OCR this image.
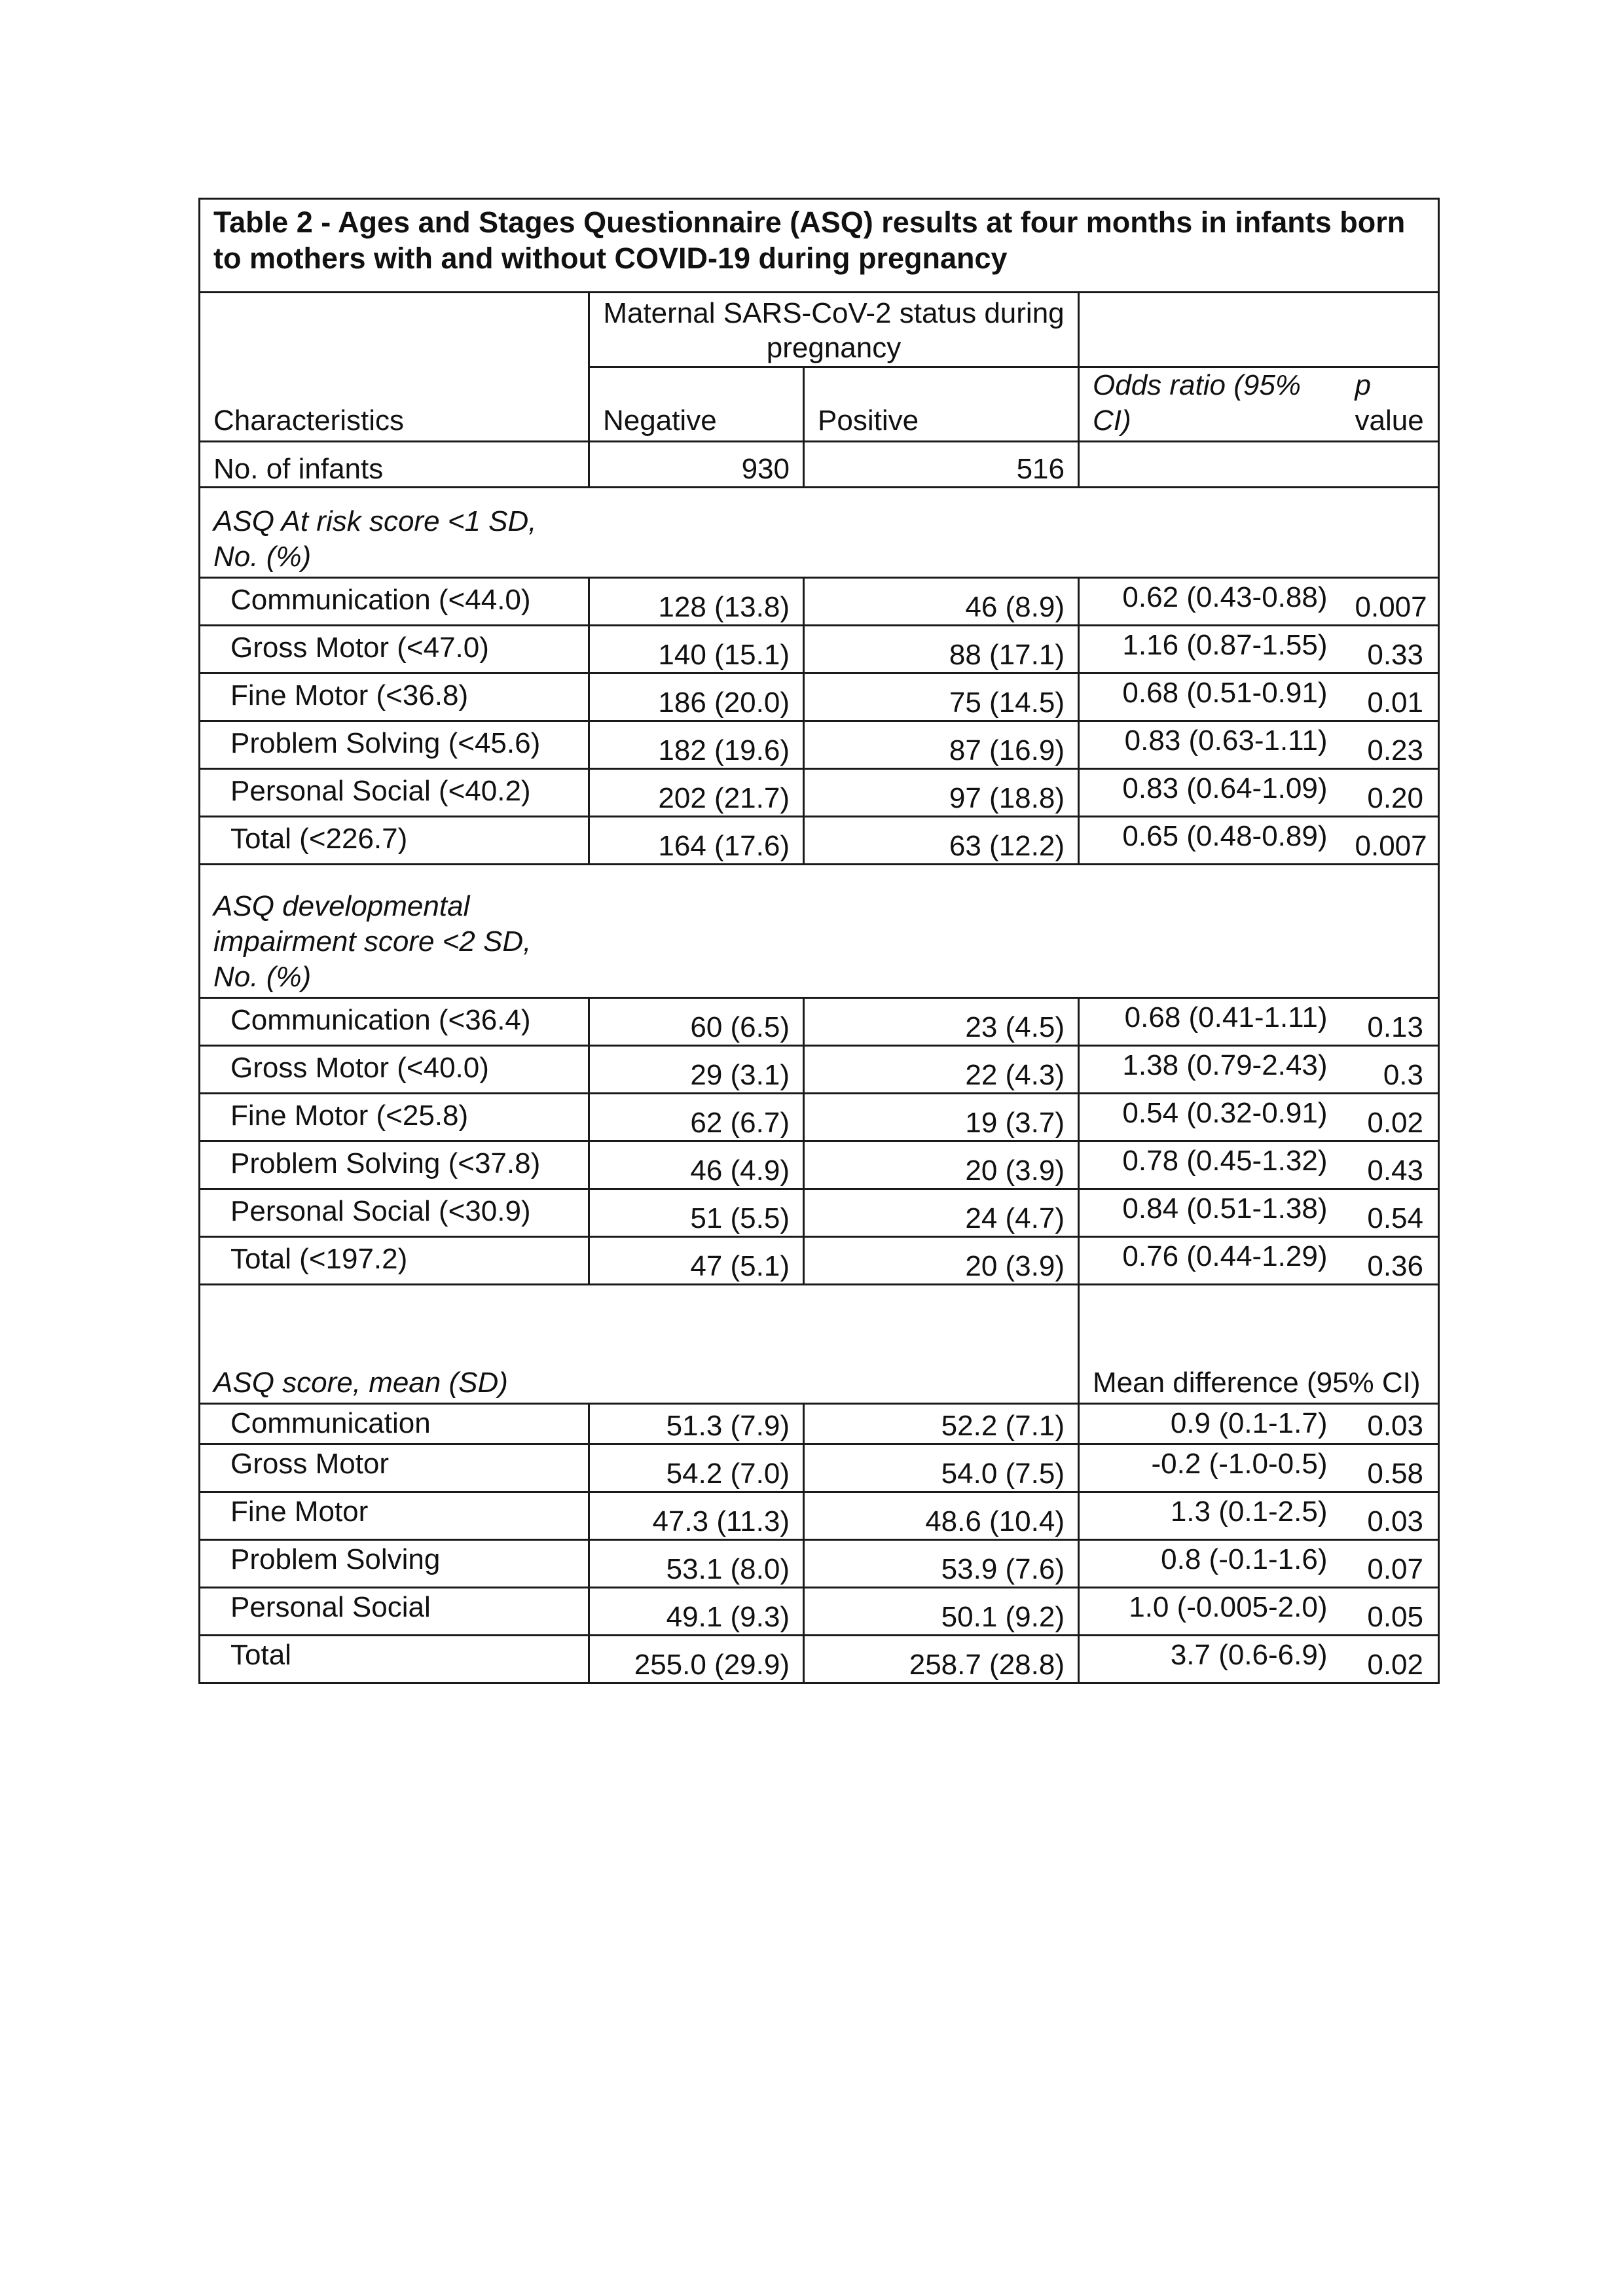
Table 2 - Ages and Stages Questionnaire (ASQ) results at four months in infants born to mothers with and without COVID-19 during pregnancy				
Characteristics	Maternal SARS-CoV-2 status during pregnancy			
	Negative	Positive	Odds ratio (95% CI)	p value
No. of infants	930	516		

ASQ At risk score <1 SD, No. (%)				

Communication (<44.0)	128 (13.8)	46 (8.9)	0.62 (0.43-0.88)	0.007
Gross Motor (<47.0)	140 (15.1)	88 (17.1)	1.16 (0.87-1.55)	0.33
Fine Motor (<36.8)	186 (20.0)	75 (14.5)	0.68 (0.51-0.91)	0.01
Problem Solving (<45.6)	182 (19.6)	87 (16.9)	0.83 (0.63-1.11)	0.23
Personal Social (<40.2)	202 (21.7)	97 (18.8)	0.83 (0.64-1.09)	0.20
Total (<226.7)	164 (17.6)	63 (12.2)	0.65 (0.48-0.89)	0.007

ASQ developmental impairment score <2 SD, No. (%)				

Communication (<36.4)	60 (6.5)	23 (4.5)	0.68 (0.41-1.11)	0.13
Gross Motor (<40.0)	29 (3.1)	22 (4.3)	1.38 (0.79-2.43)	0.3
Fine Motor (<25.8)	62 (6.7)	19 (3.7)	0.54 (0.32-0.91)	0.02
Problem Solving (<37.8)	46 (4.9)	20 (3.9)	0.78 (0.45-1.32)	0.43
Personal Social (<30.9)	51 (5.5)	24 (4.7)	0.84 (0.51-1.38)	0.54
Total (<197.2)	47 (5.1)	20 (3.9)	0.76 (0.44-1.29)	0.36
ASQ score, mean (SD)			Mean difference (95% CI)	
Communication	51.3 (7.9)	52.2 (7.1)	0.9 (0.1-1.7)	0.03
Gross Motor	54.2 (7.0)	54.0 (7.5)	-0.2 (-1.0-0.5)	0.58
Fine Motor	47.3 (11.3)	48.6 (10.4)	1.3 (0.1-2.5)	0.03
Problem Solving	53.1 (8.0)	53.9 (7.6)	0.8 (-0.1-1.6)	0.07
Personal Social	49.1 (9.3)	50.1 (9.2)	1.0 (-0.005-2.0)	0.05
Total	255.0 (29.9)	258.7 (28.8)	3.7 (0.6-6.9)	0.02
